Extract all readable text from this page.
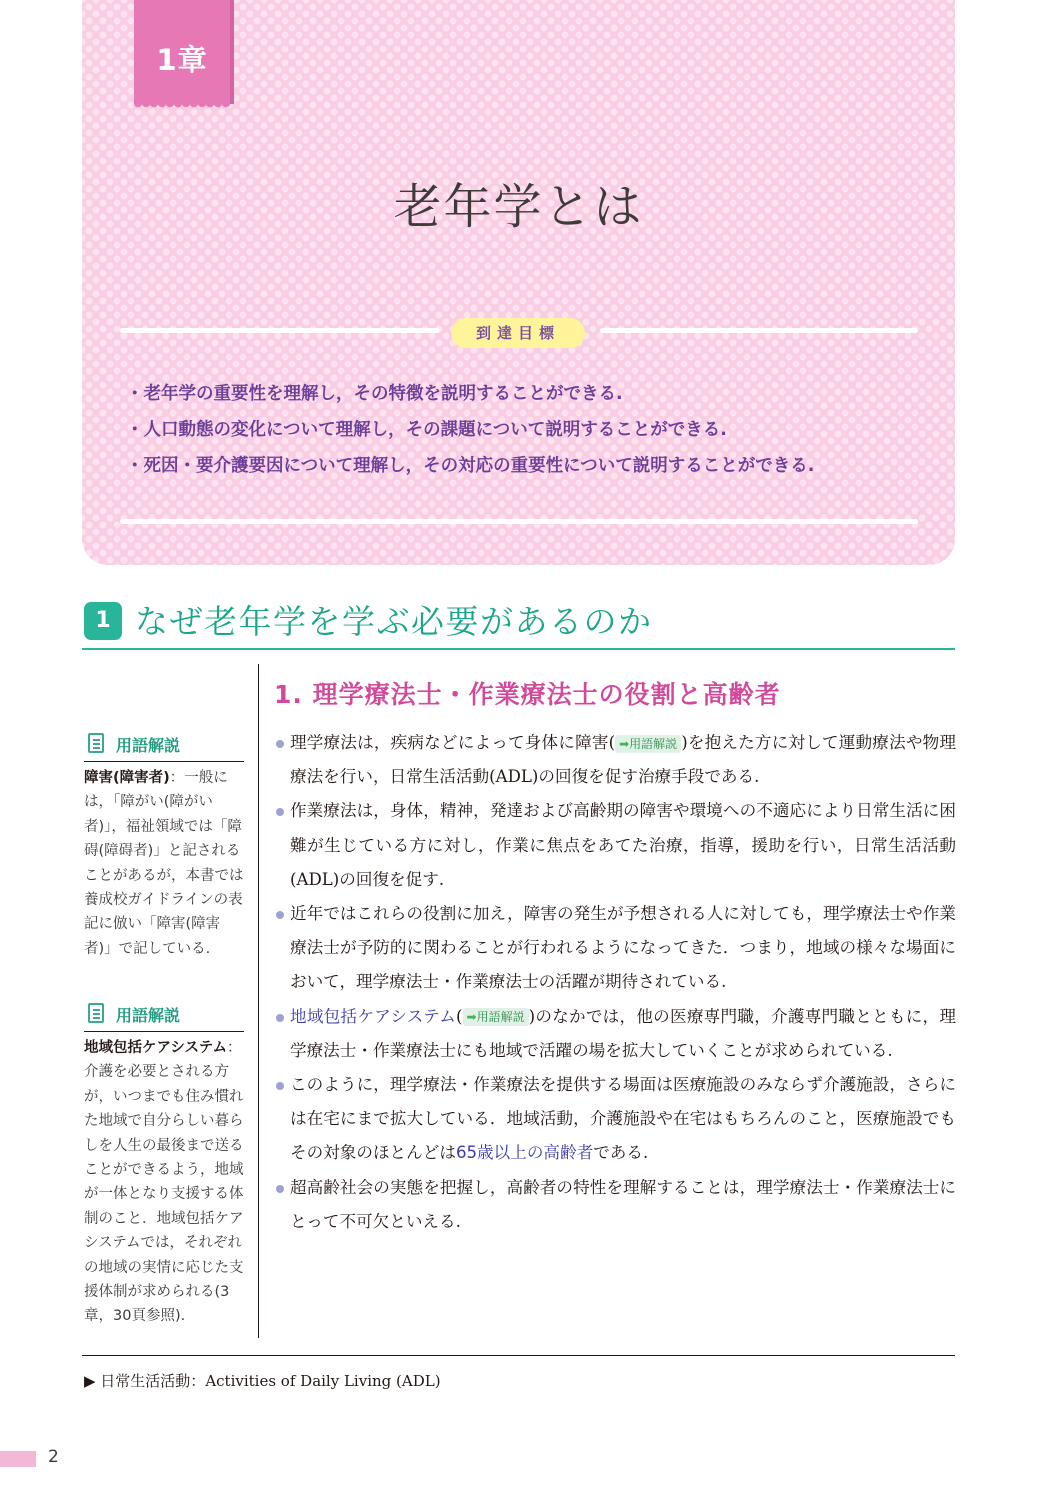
1章
老年学とは
到達目標
・老年学の重要性を理解し，その特徴を説明することができる.
・人口動態の変化について理解し，その課題について説明することができる.
・死因・要介護要因について理解し，その対応の重要性について説明することができる.
1 なぜ老年学を学ぶ必要があるのか
用語解説
障害(障害者)：一般には，「障がい(障がい者)」，福祉領域では「障碍(障碍者)」と記されることがあるが，本書では養成校ガイドラインの表記に倣い「障害(障害者)」で記している.
用語解説
地域包括ケアシステム：介護を必要とされる方が，いつまでも住み慣れた地域で自分らしい暮らしを人生の最後まで送ることができるよう，地域が一体となり支援する体制のこと．地域包括ケアシステムでは，それぞれの地域の実情に応じた支援体制が求められる(3章，30頁参照).
1. 理学療法士・作業療法士の役割と高齢者
理学療法は，疾病などによって身体に障害( ➡用語解説 )を抱えた方に対して運動療法や物理療法を行い，日常生活活動(ADL)の回復を促す治療手段である.
作業療法は，身体，精神，発達および高齢期の障害や環境への不適応により日常生活に困難が生じている方に対し，作業に焦点をあてた治療，指導，援助を行い，日常生活活動(ADL)の回復を促す.
近年ではこれらの役割に加え，障害の発生が予想される人に対しても，理学療法士や作業療法士が予防的に関わることが行われるようになってきた．つまり，地域の様々な場面において，理学療法士・作業療法士の活躍が期待されている.
地域包括ケアシステム( ➡用語解説 )のなかでは，他の医療専門職，介護専門職とともに，理学療法士・作業療法士にも地域で活躍の場を拡大していくことが求められている.
このように，理学療法・作業療法を提供する場面は医療施設のみならず介護施設，さらには在宅にまで拡大している．地域活動，介護施設や在宅はもちろんのこと，医療施設でもその対象のほとんどは65歳以上の高齢者である.
超高齢社会の実態を把握し，高齢者の特性を理解することは，理学療法士・作業療法士にとって不可欠といえる.
▶ 日常生活活動：Activities of Daily Living (ADL)
2
